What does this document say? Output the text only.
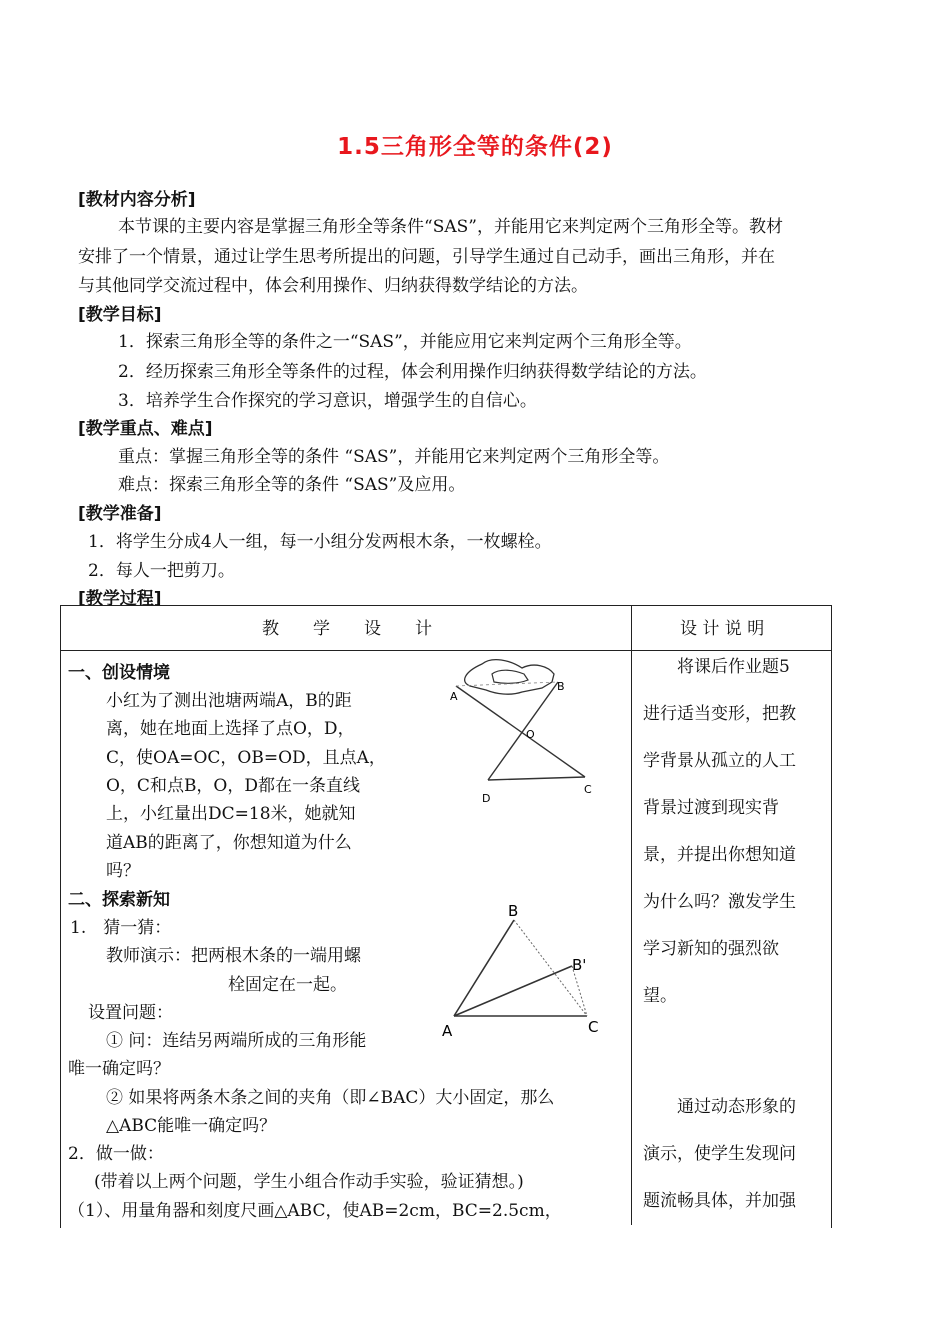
1.5三角形全等的条件(2)
[教材内容分析]
本节课的主要内容是掌握三角形全等条件“SAS”，并能用它来判定两个三角形全等。教材
安排了一个情景，通过让学生思考所提出的问题，引导学生通过自己动手，画出三角形，并在
与其他同学交流过程中，体会利用操作、归纳获得数学结论的方法。
[教学目标]
1．探索三角形全等的条件之一“SAS”，并能应用它来判定两个三角形全等。
2．经历探索三角形全等条件的过程，体会利用操作归纳获得数学结论的方法。
3．培养学生合作探究的学习意识，增强学生的自信心。
[教学重点、难点]
重点：掌握三角形全等的条件 “SAS”，并能用它来判定两个三角形全等。
难点：探索三角形全等的条件 “SAS”及应用。
[教学准备]
1．将学生分成4人一组，每一小组分发两根木条，一枚螺栓。
2．每人一把剪刀。
[教学过程]
教　　学　　设　　计	设 计 说 明
一、创设情境
小红为了测出池塘两端A，B的距
离，她在地面上选择了点O，D，
C，使OA=OC，OB=OD，且点A，
O，C和点B，O，D都在一条直线
上，小红量出DC=18米，她就知
道AB的距离了，你想知道为什么
吗？
二、探索新知
1.　猜一猜：
教师演示：把两根木条的一端用螺
栓固定在一起。
设置问题：
① 问：连结另两端所成的三角形能
唯一确定吗？
② 如果将两条木条之间的夹角（即∠BAC）大小固定，那么
△ABC能唯一确定吗？
2．做一做：
(带着以上两个问题，学生小组合作动手实验，验证猜想。)
（1）、用量角器和刻度尺画△ABC，使AB=2cm，BC=2.5cm，
A
B
O
D
C
A
B
B'
C
将课后作业题5
进行适当变形，把教
学背景从孤立的人工
背景过渡到现实背
景，并提出你想知道
为什么吗？激发学生
学习新知的强烈欲
望。
通过动态形象的
演示，使学生发现问
题流畅具体，并加强
